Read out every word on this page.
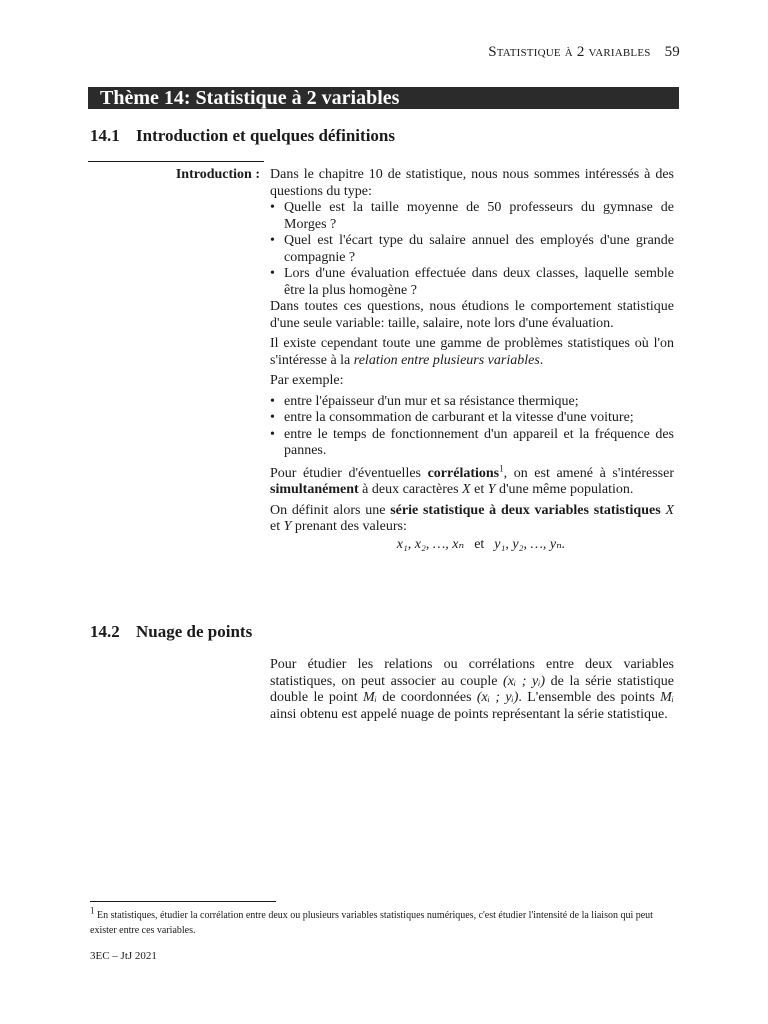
Statistique à 2 variables 59
Thème 14: Statistique à 2 variables
14.1 Introduction et quelques définitions
Introduction : Dans le chapitre 10 de statistique, nous nous sommes intéressés à des questions du type:

• Quelle est la taille moyenne de 50 professeurs du gymnase de Morges ?
• Quel est l'écart type du salaire annuel des employés d'une grande compagnie ?
• Lors d'une évaluation effectuée dans deux classes, laquelle semble être la plus homogène ?

Dans toutes ces questions, nous étudions le comportement statistique d'une seule variable: taille, salaire, note lors d'une évaluation.

Il existe cependant toute une gamme de problèmes statistiques où l'on s'intéresse à la relation entre plusieurs variables.

Par exemple:

• entre l'épaisseur d'un mur et sa résistance thermique;
• entre la consommation de carburant et la vitesse d'une voiture;
• entre le temps de fonctionnement d'un appareil et la fréquence des pannes.

Pour étudier d'éventuelles corrélations$^1$, on est amené à s'intéresser simultanément à deux caractères X et Y d'une même population.

On définit alors une série statistique à deux variables statistiques X et Y prenant des valeurs:

x₁, x₂, …, xₙ et y₁, y₂, …, yₙ.

14.2 Nuage de points

Pour étudier les relations ou corrélations entre deux variables statistiques, on peut associer au couple (xᵢ ; yᵢ) de la série statistique double le point Mᵢ de coordonnées (xᵢ ; yᵢ). L'ensemble des points Mᵢ ainsi obtenu est appelé nuage de points représentant la série statistique.

$^1$ En statistiques, étudier la corrélation entre deux ou plusieurs variables statistiques numériques, c'est étudier l'intensité de la liaison qui peut exister entre ces variables.
3EC – JtJ 2021
